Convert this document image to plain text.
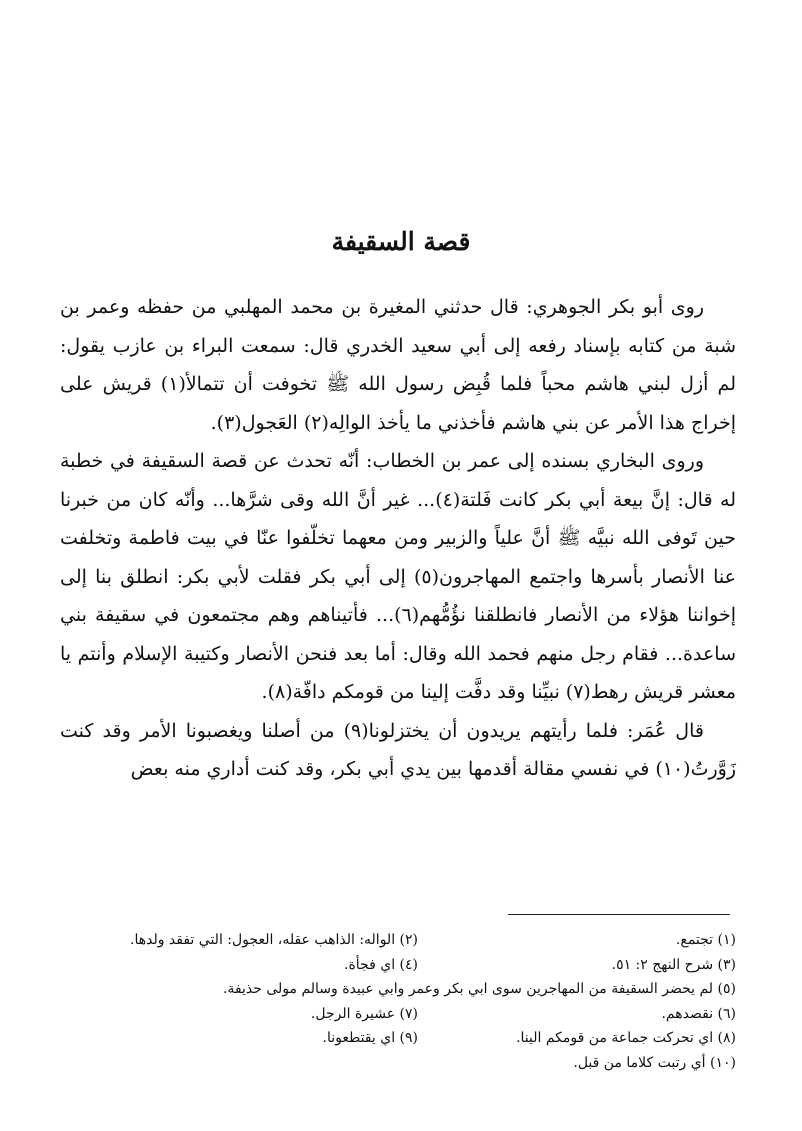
قصة السقيفة

روى أبو بكر الجوهري: قال حدثني المغيرة بن محمد المهلبي من حفظه وعمر بن شبة من كتابه بإسناد رفعه إلى أبي سعيد الخدري قال: سمعت البراء بن عازب يقول: لم أزل لبني هاشم محباً فلما قُبِض رسول الله ﷺ تخوفت أن تتمالأ(١) قريش على إخراج هذا الأمر عن بني هاشم فأخذني ما يأخذ الوالِه(٢) العَجول(٣).

وروى البخاري بسنده إلى عمر بن الخطاب: أنّه تحدث عن قصة السقيفة في خطبة له قال: إنَّ بيعة أبي بكر كانت فَلتة(٤)... غير أنَّ الله وقى شرَّها... وأنّه كان من خبرنا حين تَوفى الله نبيَّه ﷺ أنَّ علياً والزبير ومن معهما تخلّفوا عنّا في بيت فاطمة وتخلفت عنا الأنصار بأسرها واجتمع المهاجرون(٥) إلى أبي بكر فقلت لأبي بكر: انطلق بنا إلى إخواننا هؤلاء من الأنصار فانطلقنا نؤُمُّهم(٦)... فأتيناهم وهم مجتمعون في سقيفة بني ساعدة... فقام رجل منهم فحمد الله وقال: أما بعد فنحن الأنصار وكتيبة الإسلام وأنتم يا معشر قريش رهط(٧) نبيِّنا وقد دفَّت إلينا من قومكم دافّة(٨).

قال عُمَر: فلما رأيتهم يريدون أن يختزلونا(٩) من أصلنا ويغصبونا الأمر وقد كنت زَوَّرتُ(١٠) في نفسي مقالة أقدمها بين يدي أبي بكر، وقد كنت أداري منه بعض

(١) تجتمع.
(٢) الواله: الذاهب عقله، العجول: التي تفقد ولدها.
(٣) شرح النهج ٢: ٥١.
(٤) اي فجأة.
(٥) لم يحضر السقيفة من المهاجرين سوى ابي بكر وعمر وابي عبيدة وسالم مولى حذيفة.
(٦) نقصدهم.
(٧) عشيرة الرجل.
(٨) اي تحركت جماعة من قومكم الينا.
(٩) اي يقتطعونا.
(١٠) أي رتبت كلاما من قبل.
